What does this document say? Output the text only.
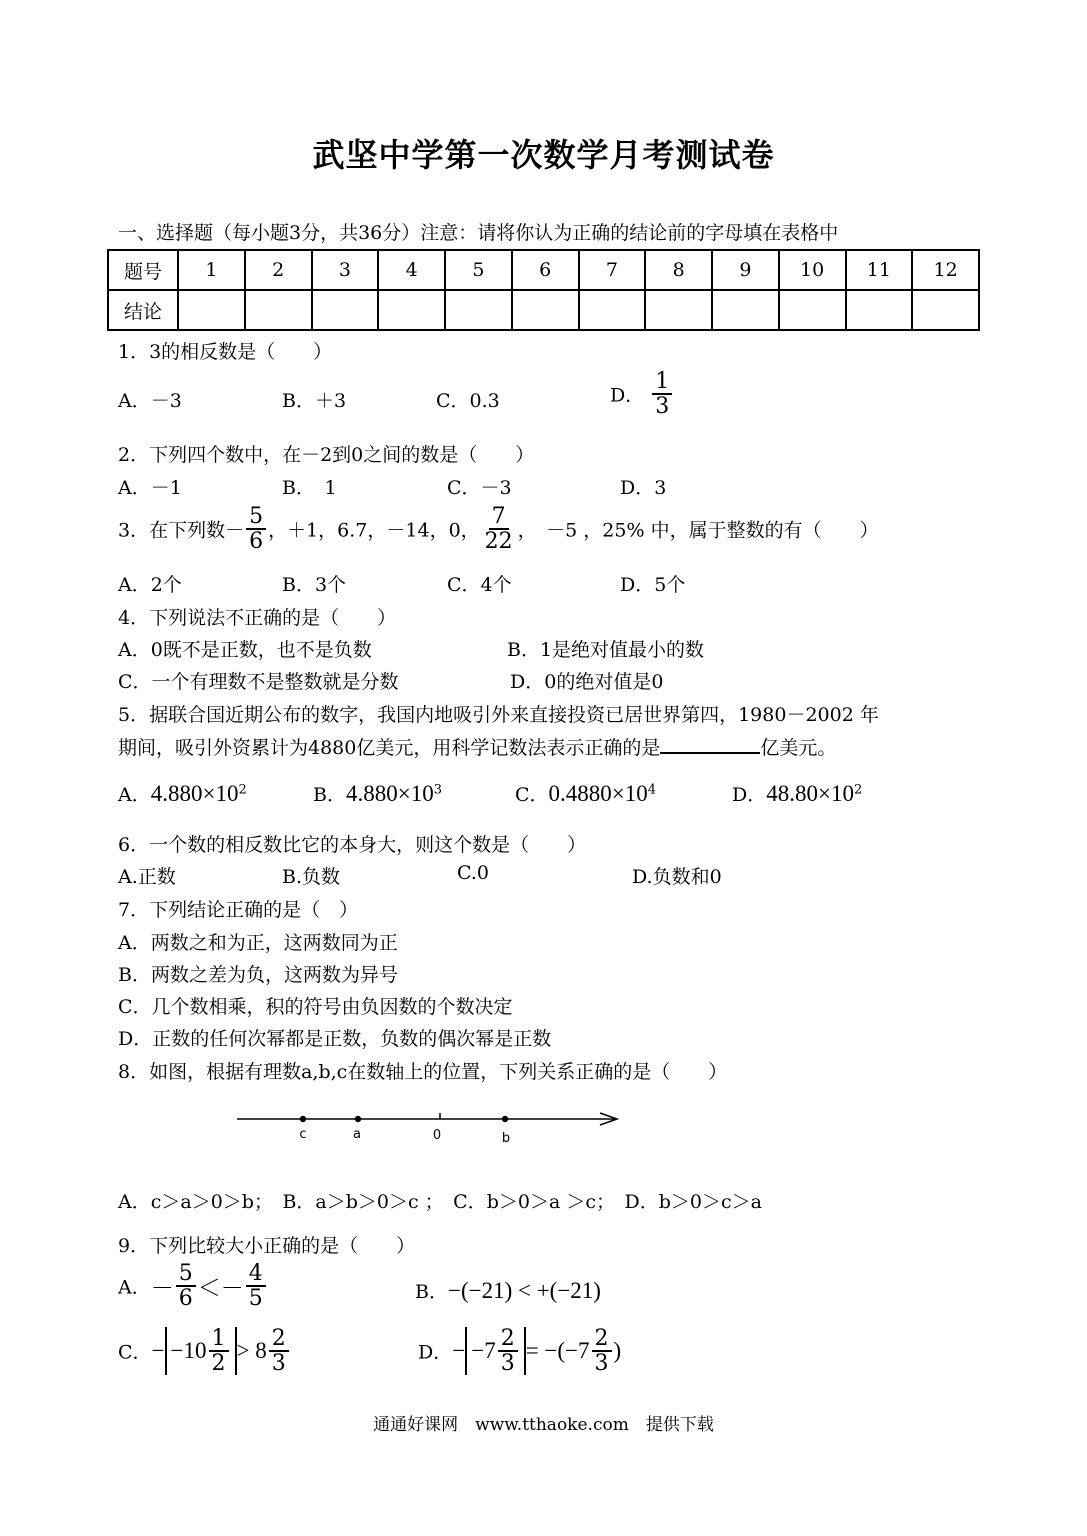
武坚中学第一次数学月考测试卷
一、选择题（每小题3分，共36分）注意：请将你认为正确的结论前的字母填在表格中
题号	1	2	3	4	5	6	7	8	9	10	11	12
结论												
1．3的相反数是（　　）
A．－3	B．＋3	C．0.3	D． $\frac{1}{3}$
2．下列四个数中，在－2到0之间的数是（　　）
A．－1	B．　1	C．－3	D．3
3．在下列数－ $\frac{5}{6}$ ，＋1，6.7，－14，0， $\frac{7}{22}$ ，　－5 ，25% 中，属于整数的有（　　）
A．2个	B．3个	C．4个	D．5个
4．下列说法不正确的是（　　）
A．0既不是正数，也不是负数	B．1是绝对值最小的数
C．一个有理数不是整数就是分数	D．0的绝对值是0
5．据联合国近期公布的数字，我国内地吸引外来直接投资已居世界第四，1980－2002 年
期间，吸引外资累计为4880亿美元，用科学记数法表示正确的是	亿美元。
A．$4.880\times 10^2$	B．$4.880\times 10^3$	C．$0.4880\times 10^4$	D．$48.80\times 10^2$
6．一个数的相反数比它的本身大，则这个数是（　　）
A.正数	B.负数	C.0	D.负数和0
7．下列结论正确的是（　）
A．两数之和为正，这两数同为正
B．两数之差为负，这两数为异号
C．几个数相乘，积的符号由负因数的个数决定
D．正数的任何次幂都是正数，负数的偶次幂是正数
8．如图，根据有理数a,b,c在数轴上的位置，下列关系正确的是（　　）
c	a	0	b
A．c＞a＞0＞b；　B．a＞b＞0＞c ；　C．b＞0＞a ＞c；　D．b＞0＞c＞a
9．下列比较大小正确的是（　　）
A．－ $\frac{5}{6} <- \frac{4}{5}$	B．−(−21) < +(−21)
C．− $-10 \frac{1}{2} > 8 \frac{2}{3}$	D．− $-7 \frac{2}{3} = -(-7 \frac{2}{3}$ )
通通好课网　www.tthaoke.com　提供下载
